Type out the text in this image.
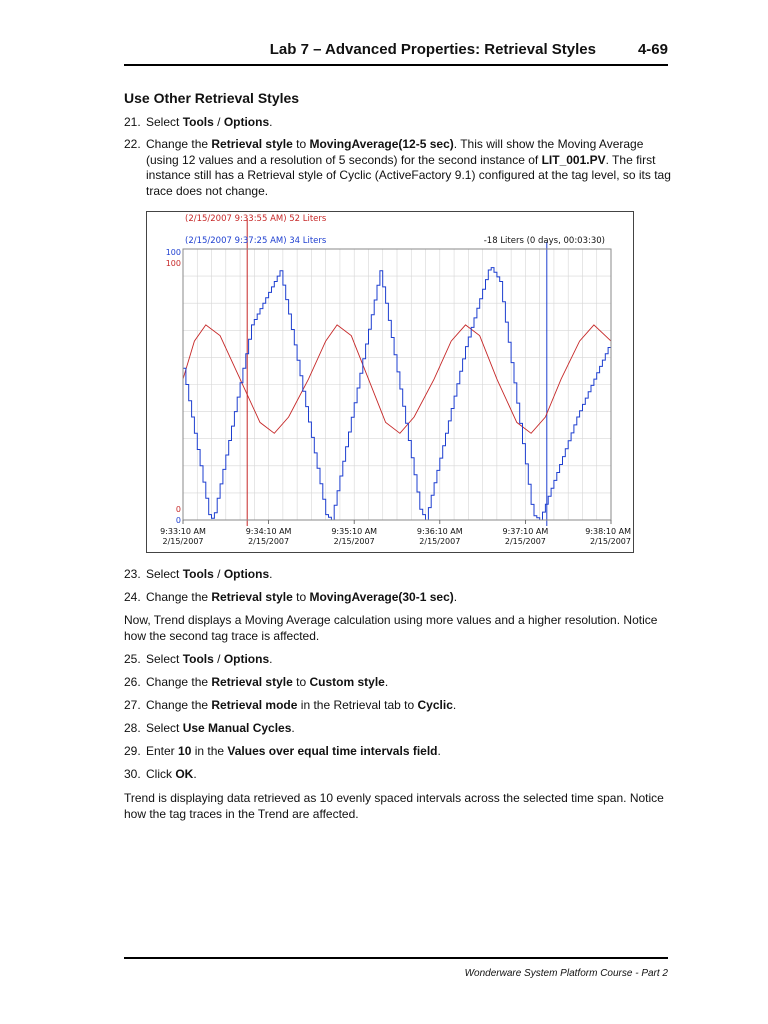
Lab 7 – Advanced Properties: Retrieval Styles	4-69
Use Other Retrieval Styles
21. Select Tools / Options.
22. Change the Retrieval style to MovingAverage(12-5 sec). This will show the Moving Average (using 12 values and a resolution of 5 seconds) for the second instance of LIT_001.PV. The first instance still has a Retrieval style of Cyclic (ActiveFactory 9.1) configured at the tag level, so its tag trace does not change.
(2/15/2007 9:33:55 AM) 52 Liters
(2/15/2007 9:37:25 AM) 34 Liters	-18 Liters (0 days, 00:03:30)
100
100
0
0
9:33:10 AM
2/15/2007
9:34:10 AM
2/15/2007
9:35:10 AM
2/15/2007
9:36:10 AM
2/15/2007
9:37:10 AM
2/15/2007
9:38:10 AM
2/15/2007
23. Select Tools / Options.
24. Change the Retrieval style to MovingAverage(30-1 sec).
Now, Trend displays a Moving Average calculation using more values and a higher resolution. Notice how the second tag trace is affected.
25. Select Tools / Options.
26. Change the Retrieval style to Custom style.
27. Change the Retrieval mode in the Retrieval tab to Cyclic.
28. Select Use Manual Cycles.
29. Enter 10 in the Values over equal time intervals field.
30. Click OK.
Trend is displaying data retrieved as 10 evenly spaced intervals across the selected time span. Notice how the tag traces in the Trend are affected.
Wonderware System Platform Course - Part 2
